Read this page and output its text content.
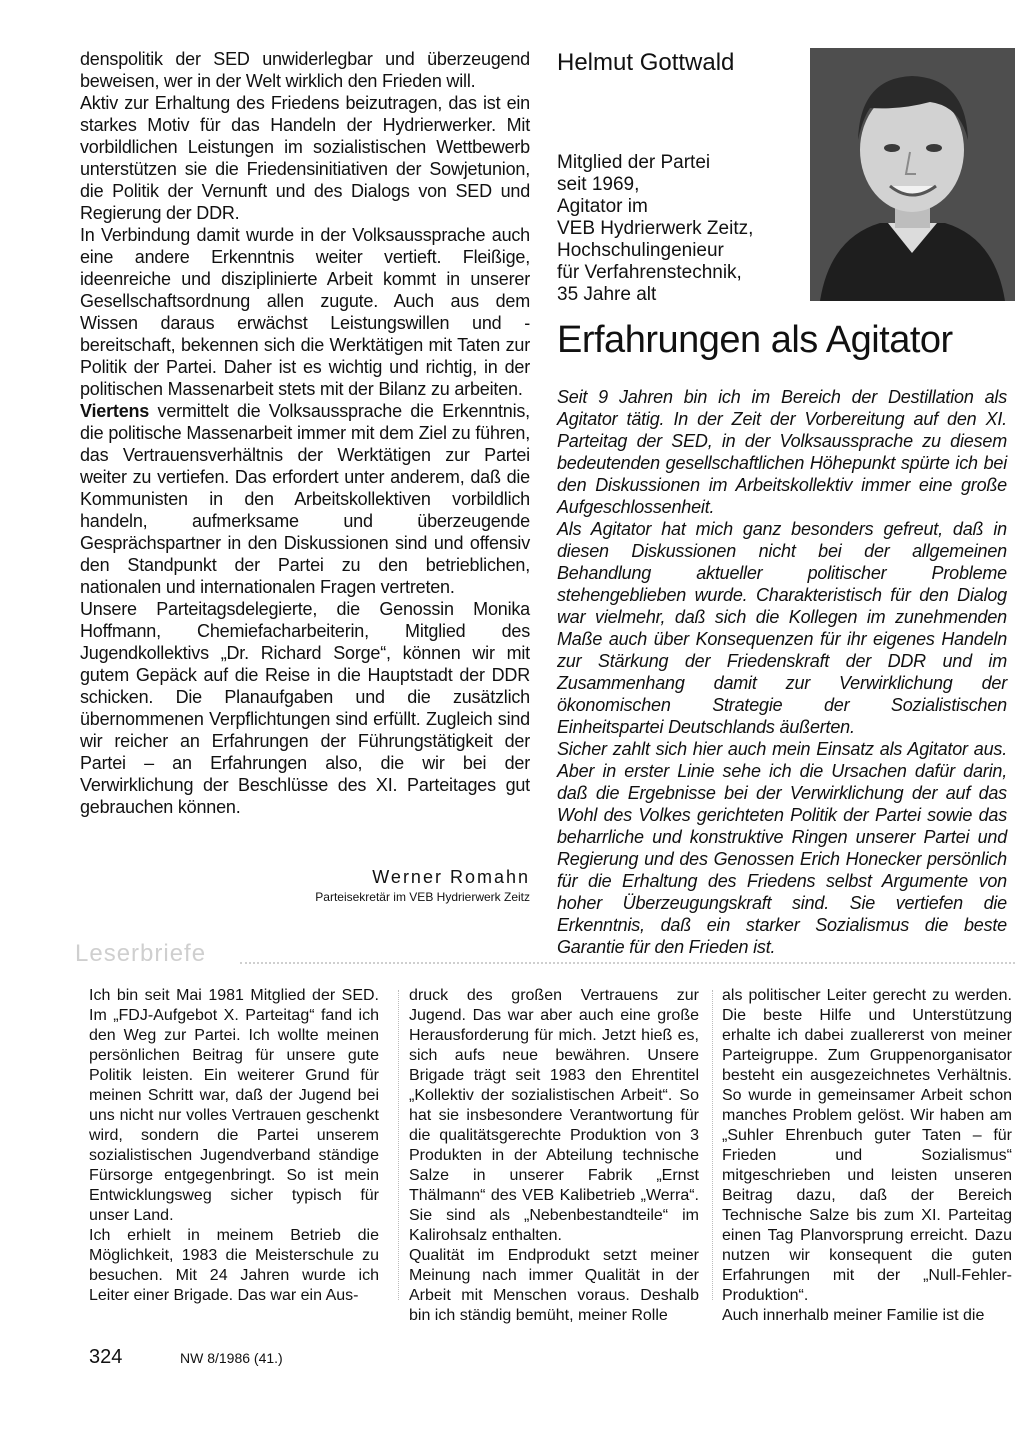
denspolitik der SED unwiderlegbar und überzeugend beweisen, wer in der Welt wirklich den Frieden will.

Aktiv zur Erhaltung des Friedens beizutragen, das ist ein starkes Motiv für das Handeln der Hydrierwerker. Mit vorbildlichen Leistungen im sozialistischen Wettbewerb unterstützen sie die Friedensinitiativen der Sowjetunion, die Politik der Vernunft und des Dialogs von SED und Regierung der DDR.

In Verbindung damit wurde in der Volksaussprache auch eine andere Erkenntnis weiter vertieft. Fleißige, ideenreiche und disziplinierte Arbeit kommt in unserer Gesellschaftsordnung allen zugute. Auch aus dem Wissen daraus erwächst Leistungswillen und -bereitschaft, bekennen sich die Werktätigen mit Taten zur Politik der Partei. Daher ist es wichtig und richtig, in der politischen Massenarbeit stets mit der Bilanz zu arbeiten.

Viertens vermittelt die Volksaussprache die Erkenntnis, die politische Massenarbeit immer mit dem Ziel zu führen, das Vertrauensverhältnis der Werktätigen zur Partei weiter zu vertiefen. Das erfordert unter anderem, daß die Kommunisten in den Arbeitskollektiven vorbildlich handeln, aufmerksame und überzeugende Gesprächspartner in den Diskussionen sind und offensiv den Standpunkt der Partei zu den betrieblichen, nationalen und internationalen Fragen vertreten.

Unsere Parteitagsdelegierte, die Genossin Monika Hoffmann, Chemiefacharbeiterin, Mitglied des Jugendkollektivs „Dr. Richard Sorge“, können wir mit gutem Gepäck auf die Reise in die Hauptstadt der DDR schicken. Die Planaufgaben und die zusätzlich übernommenen Verpflichtungen sind erfüllt. Zugleich sind wir reicher an Erfahrungen der Führungstätigkeit der Partei – an Erfahrungen also, die wir bei der Verwirklichung der Beschlüsse des XI. Parteitages gut gebrauchen können.

Werner Romahn
Parteisekretär im VEB Hydrierwerk Zeitz
Helmut Gottwald
Mitglied der Partei
seit 1969,
Agitator im
VEB Hydrierwerk Zeitz,
Hochschulingenieur
für Verfahrenstechnik,
35 Jahre alt
Erfahrungen als Agitator

Seit 9 Jahren bin ich im Bereich der Destillation als Agitator tätig. In der Zeit der Vorbereitung auf den XI. Parteitag der SED, in der Volksaussprache zu diesem bedeutenden gesellschaftlichen Höhepunkt spürte ich bei den Diskussionen im Arbeitskollektiv immer eine große Aufgeschlossenheit.

Als Agitator hat mich ganz besonders gefreut, daß in diesen Diskussionen nicht bei der allgemeinen Behandlung aktueller politischer Probleme stehengeblieben wurde. Charakteristisch für den Dialog war vielmehr, daß sich die Kollegen im zunehmenden Maße auch über Konsequenzen für ihr eigenes Handeln zur Stärkung der Friedenskraft der DDR und im Zusammenhang damit zur Verwirklichung der ökonomischen Strategie der Sozialistischen Einheitspartei Deutschlands äußerten.

Sicher zahlt sich hier auch mein Einsatz als Agitator aus. Aber in erster Linie sehe ich die Ursachen dafür darin, daß die Ergebnisse bei der Verwirklichung der auf das Wohl des Volkes gerichteten Politik der Partei sowie das beharrliche und konstruktive Ringen unserer Partei und Regierung und des Genossen Erich Honecker persönlich für die Erhaltung des Friedens selbst Argumente von hoher Überzeugungskraft sind. Sie vertiefen die Erkenntnis, daß ein starker Sozialismus die beste Garantie für den Frieden ist.

Leserbriefe

Ich bin seit Mai 1981 Mitglied der SED. Im „FDJ-Aufgebot X. Parteitag“ fand ich den Weg zur Partei. Ich wollte meinen persönlichen Beitrag für unsere gute Politik leisten. Ein weiterer Grund für meinen Schritt war, daß der Jugend bei uns nicht nur volles Vertrauen geschenkt wird, sondern die Partei unserem sozialistischen Jugendverband ständige Fürsorge entgegenbringt. So ist mein Entwicklungsweg sicher typisch für unser Land.

Ich erhielt in meinem Betrieb die Möglichkeit, 1983 die Meisterschule zu besuchen. Mit 24 Jahren wurde ich Leiter einer Brigade. Das war ein Aus-

druck des großen Vertrauens zur Jugend. Das war aber auch eine große Herausforderung für mich. Jetzt hieß es, sich aufs neue bewähren. Unsere Brigade trägt seit 1983 den Ehrentitel „Kollektiv der sozialistischen Arbeit“. So hat sie insbesondere Verantwortung für die qualitätsgerechte Produktion von 3 Produkten in der Abteilung technische Salze in unserer Fabrik „Ernst Thälmann“ des VEB Kalibetrieb „Werra“. Sie sind als „Nebenbestandteile“ im Kalirohsalz enthalten.

Qualität im Endprodukt setzt meiner Meinung nach immer Qualität in der Arbeit mit Menschen voraus. Deshalb bin ich ständig bemüht, meiner Rolle

als politischer Leiter gerecht zu werden. Die beste Hilfe und Unterstützung erhalte ich dabei zuallererst von meiner Parteigruppe. Zum Gruppenorganisator besteht ein ausgezeichnetes Verhältnis. So wurde in gemeinsamer Arbeit schon manches Problem gelöst. Wir haben am „Suhler Ehrenbuch guter Taten – für Frieden und Sozialismus“ mitgeschrieben und leisten unseren Beitrag dazu, daß der Bereich Technische Salze bis zum XI. Parteitag einen Tag Planvorsprung erreicht. Dazu nutzen wir konsequent die guten Erfahrungen mit der „Null-Fehler-Produktion“.

Auch innerhalb meiner Familie ist die

324	NW 8/1986 (41.)
